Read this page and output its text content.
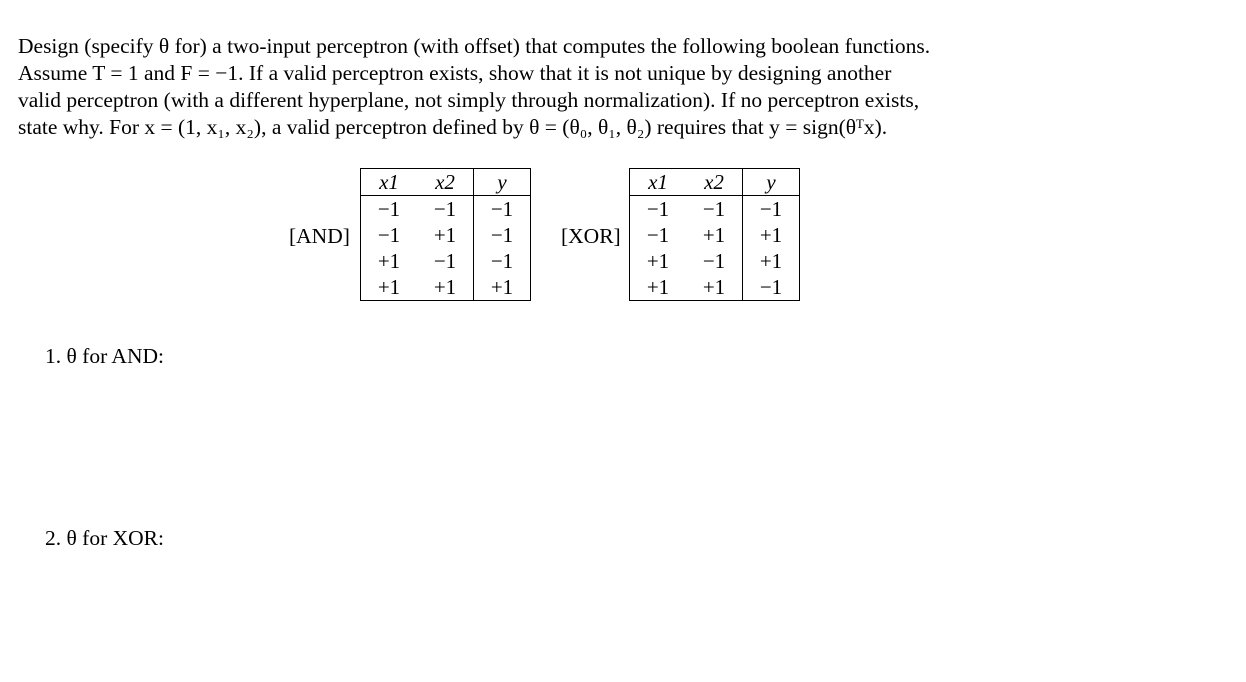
Design (specify θ for) a two-input perceptron (with offset) that computes the following boolean functions.
Assume T = 1 and F = −1. If a valid perceptron exists, show that it is not unique by designing another
valid perceptron (with a different hyperplane, not simply through normalization). If no perceptron exists,
state why. For x = (1, x₁, x₂), a valid perceptron defined by θ = (θ₀, θ₁, θ₂) requires that y = sign(θᵀx).
[AND]
x1	x2	y
−1	−1	−1
−1	+1	−1
+1	−1	−1
+1	+1	+1
[XOR]
x1	x2	y
−1	−1	−1
−1	+1	+1
+1	−1	+1
+1	+1	−1
1. θ for AND:
2. θ for XOR:
